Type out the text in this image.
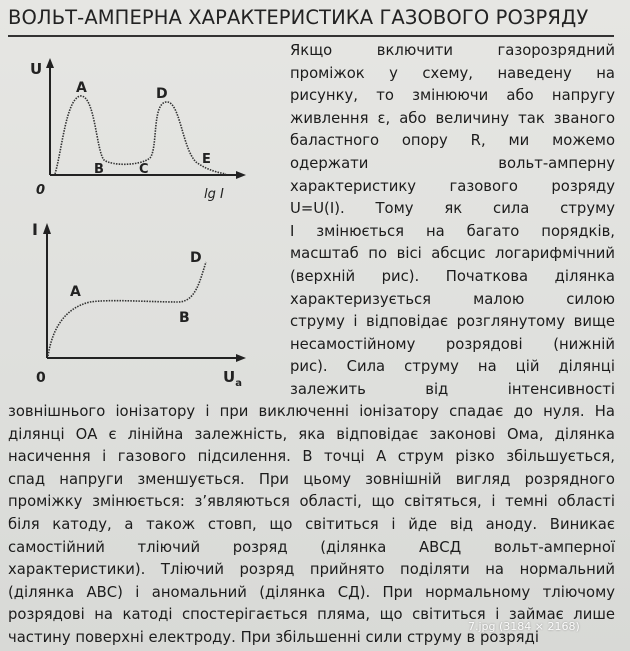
ВОЛЬТ-АМПЕРНА ХАРАКТЕРИСТИКА ГАЗОВОГО РОЗРЯДУ
U
0	lg I
A
B	C
D
E
I
0	$U_a$
A
B
D
Якщо включити газорозрядний
проміжок у схему, наведену на
рисунку, то змінюючи або напругу
живлення ε, або величину так званого
баластного опору R, ми можемо
одержати вольт-амперну
характеристику газового розряду
U=U(I). Тому як сила струму
I змінюється на багато порядків,
масштаб по вісі абсцис логарифмічний
(верхній рис). Початкова ділянка
характеризується малою силою
струму і відповідає розглянутому вище
несамостійному розрядові (нижній
рис). Сила струму на цій ділянці
залежить від інтенсивності
зовнішнього іонізатору і при виключенні іонізатору спадає до нуля. На
ділянці ОА є лінійна залежність, яка відповідає законові Ома, ділянка
насичення і газового підсилення. В точці А струм різко збільшується,
спад напруги зменшується. При цьому зовнішній вигляд розрядного
проміжку змінюється: з’являються області, що світяться, і темні області
біля катоду, а також стовп, що світиться і йде від аноду. Виникає
самостійний тліючий розряд (ділянка АВСД вольт-амперної
характеристики). Тліючий розряд прийнято поділяти на нормальний
(ділянка АВС) і аномальний (ділянка СД). При нормальному тліючому
розрядові на катоді спостерігається пляма, що світиться і займає лише
частину поверхні електроду. При збільшенні сили струму в розряді
7.jpg (3184 × 2168)
